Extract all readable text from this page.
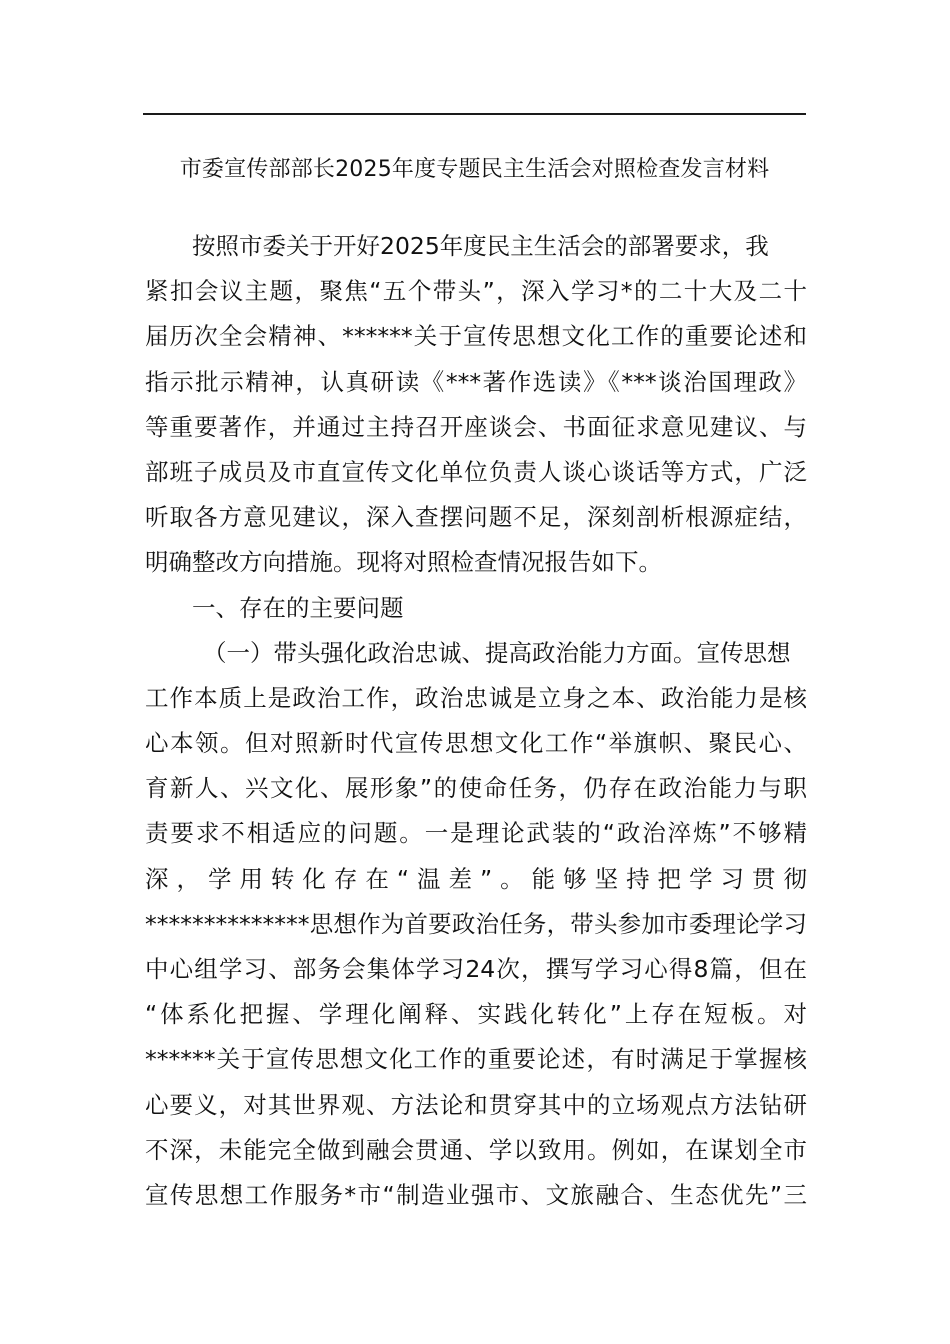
市委宣传部部长2025年度专题民主生活会对照检查发言材料
按照市委关于开好2025年度民主生活会的部署要求，我
紧扣会议主题，聚焦“五个带头”，深入学习*的二十大及二十
届历次全会精神、******关于宣传思想文化工作的重要论述和
指示批示精神，认真研读《***著作选读》《***谈治国理政》
等重要著作，并通过主持召开座谈会、书面征求意见建议、与
部班子成员及市直宣传文化单位负责人谈心谈话等方式，广泛
听取各方意见建议，深入查摆问题不足，深刻剖析根源症结，
明确整改方向措施。现将对照检查情况报告如下。
一、存在的主要问题
（一）带头强化政治忠诚、提高政治能力方面。宣传思想
工作本质上是政治工作，政治忠诚是立身之本、政治能力是核
心本领。但对照新时代宣传思想文化工作“举旗帜、聚民心、
育新人、兴文化、展形象”的使命任务，仍存在政治能力与职
责要求不相适应的问题。一是理论武装的“政治淬炼”不够精
深，学用转化存在“温差”。能够坚持把学习贯彻
**************思想作为首要政治任务，带头参加市委理论学习
中心组学习、部务会集体学习24次，撰写学习心得8篇，但在
“体系化把握、学理化阐释、实践化转化”上存在短板。对
******关于宣传思想文化工作的重要论述，有时满足于掌握核
心要义，对其世界观、方法论和贯穿其中的立场观点方法钻研
不深，未能完全做到融会贯通、学以致用。例如，在谋划全市
宣传思想工作服务*市“制造业强市、文旅融合、生态优先”三
